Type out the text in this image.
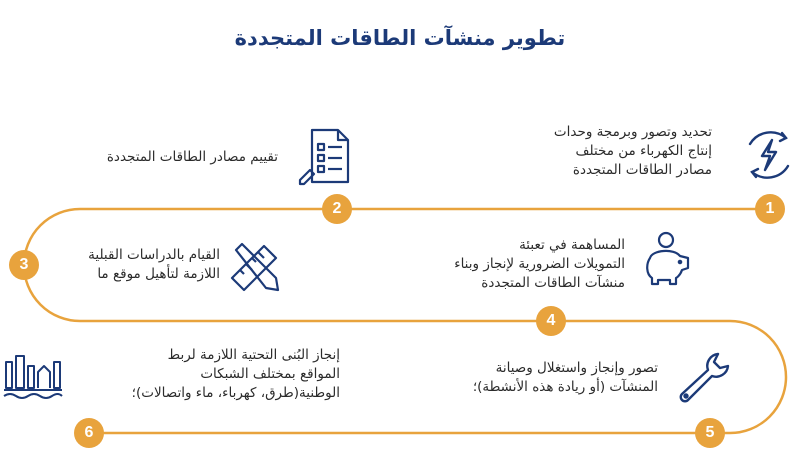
تطوير منشآت الطاقات المتجددة
1
2
3
4
5
6
تحديد وتصور وبرمجة وحدات
إنتاج الكهرباء من مختلف
مصادر الطاقات المتجددة
تقييم مصادر الطاقات المتجددة
القيام بالدراسات القبلية
اللازمة لتأهيل موقع ما
المساهمة في تعبئة
التمويلات الضرورية لإنجاز وبناء
منشآت الطاقات المتجددة
تصور وإنجاز واستغلال وصيانة
المنشآت (أو ريادة هذه الأنشطة)؛
إنجاز البُنى التحتية اللازمة لربط
المواقع بمختلف الشبكات
الوطنية(طرق، كهرباء، ماء واتصالات)؛
